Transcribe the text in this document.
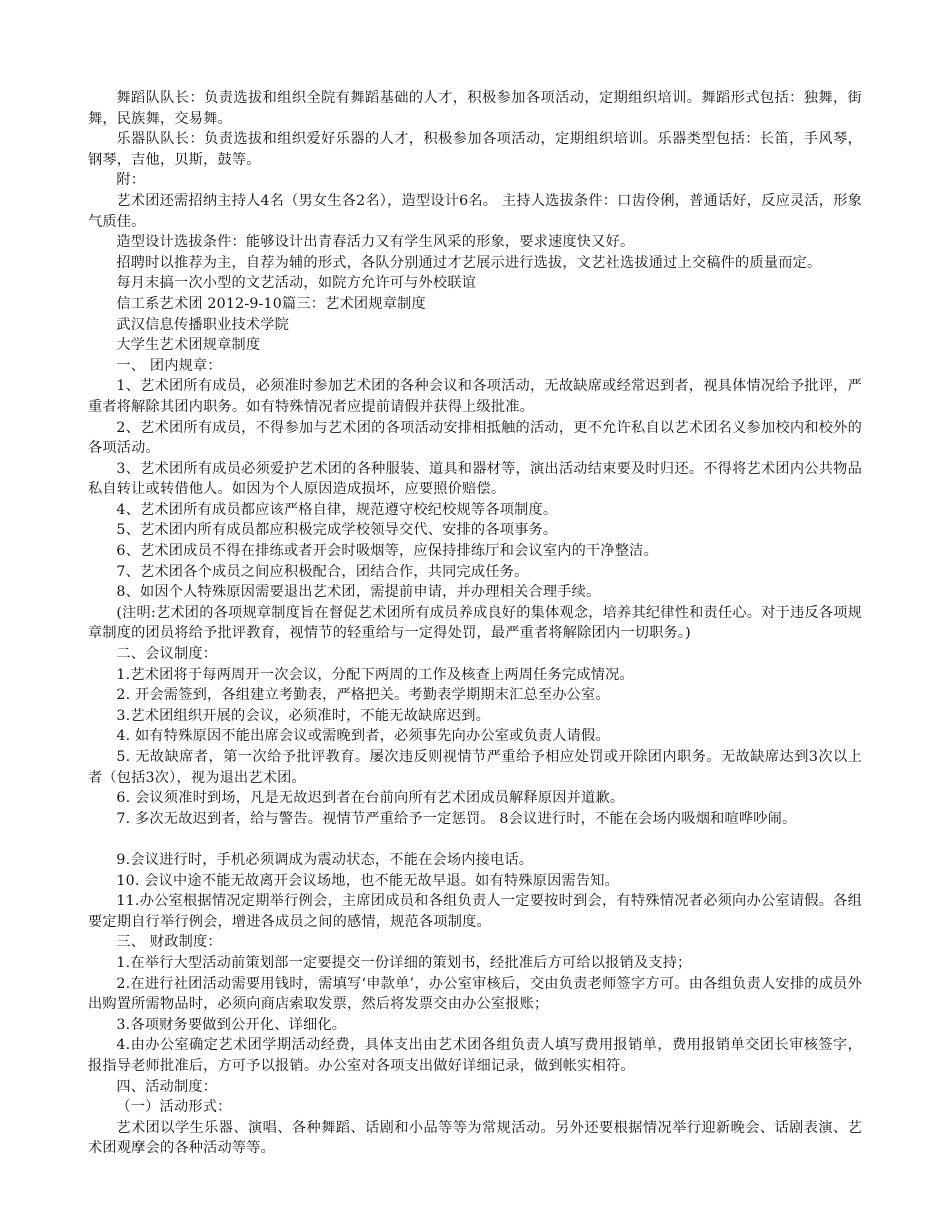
舞蹈队队长：负责选拔和组织全院有舞蹈基础的人才，积极参加各项活动，定期组织培训。舞蹈形式包括：独舞，街舞，民族舞，交易舞。

乐器队队长：负责选拔和组织爱好乐器的人才，积极参加各项活动，定期组织培训。乐器类型包括：长笛，手风琴，钢琴，吉他，贝斯，鼓等。

附：

艺术团还需招纳主持人4名（男女生各2名），造型设计6名。 主持人选拔条件：口齿伶俐，普通话好，反应灵活，形象气质佳。

造型设计选拔条件：能够设计出青春活力又有学生风采的形象，要求速度快又好。

招聘时以推荐为主，自荐为辅的形式，各队分别通过才艺展示进行选拔，文艺社选拔通过上交稿件的质量而定。

每月末搞一次小型的文艺活动，如院方允许可与外校联谊

信工系艺术团 2012-9-10篇三：艺术团规章制度

武汉信息传播职业技术学院

大学生艺术团规章制度

一、 团内规章：

1、艺术团所有成员，必须准时参加艺术团的各种会议和各项活动，无故缺席或经常迟到者，视具体情况给予批评，严重者将解除其团内职务。如有特殊情况者应提前请假并获得上级批准。

2、艺术团所有成员，不得参加与艺术团的各项活动安排相抵触的活动，更不允许私自以艺术团名义参加校内和校外的各项活动。

3、艺术团所有成员必须爱护艺术团的各种服装、道具和器材等，演出活动结束要及时归还。不得将艺术团内公共物品私自转让或转借他人。如因为个人原因造成损坏，应要照价赔偿。

4、艺术团所有成员都应该严格自律，规范遵守校纪校规等各项制度。

5、艺术团内所有成员都应积极完成学校领导交代、安排的各项事务。

6、艺术团成员不得在排练或者开会时吸烟等，应保持排练厅和会议室内的干净整洁。

7、艺术团各个成员之间应积极配合，团结合作，共同完成任务。

8、如因个人特殊原因需要退出艺术团，需提前申请，并办理相关合理手续。

(注明:艺术团的各项规章制度旨在督促艺术团所有成员养成良好的集体观念，培养其纪律性和责任心。对于违反各项规章制度的团员将给予批评教育，视情节的轻重给与一定得处罚，最严重者将解除团内一切职务。)

二、会议制度：

1.艺术团将于每两周开一次会议，分配下两周的工作及核查上两周任务完成情况。

2. 开会需签到，各组建立考勤表，严格把关。考勤表学期期末汇总至办公室。

3.艺术团组织开展的会议，必须准时，不能无故缺席迟到。

4. 如有特殊原因不能出席会议或需晚到者，必须事先向办公室或负责人请假。

5. 无故缺席者，第一次给予批评教育。屡次违反则视情节严重给予相应处罚或开除团内职务。无故缺席达到3次以上者（包括3次），视为退出艺术团。

6. 会议须准时到场，凡是无故迟到者在台前向所有艺术团成员解释原因并道歉。

7. 多次无故迟到者，给与警告。视情节严重给予一定惩罚。 8会议进行时，不能在会场内吸烟和喧哗吵闹。

9.会议进行时，手机必须调成为震动状态，不能在会场内接电话。

10. 会议中途不能无故离开会议场地，也不能无故早退。如有特殊原因需告知。

11.办公室根据情况定期举行例会，主席团成员和各组负责人一定要按时到会，有特殊情况者必须向办公室请假。各组要定期自行举行例会，增进各成员之间的感情，规范各项制度。

三、 财政制度：

1.在举行大型活动前策划部一定要提交一份详细的策划书，经批准后方可给以报销及支持；

2.在进行社团活动需要用钱时，需填写‘申款单’，办公室审核后，交由负责老师签字方可。由各组负责人安排的成员外出购置所需物品时，必须向商店索取发票，然后将发票交由办公室报账；

3.各项财务要做到公开化、详细化。

4.由办公室确定艺术团学期活动经费，具体支出由艺术团各组负责人填写费用报销单，费用报销单交团长审核签字，报指导老师批准后，方可予以报销。办公室对各项支出做好详细记录，做到帐实相符。

四、活动制度：

（一）活动形式：

艺术团以学生乐器、演唱、各种舞蹈、话剧和小品等等为常规活动。另外还要根据情况举行迎新晚会、话剧表演、艺术团观摩会的各种活动等等。
